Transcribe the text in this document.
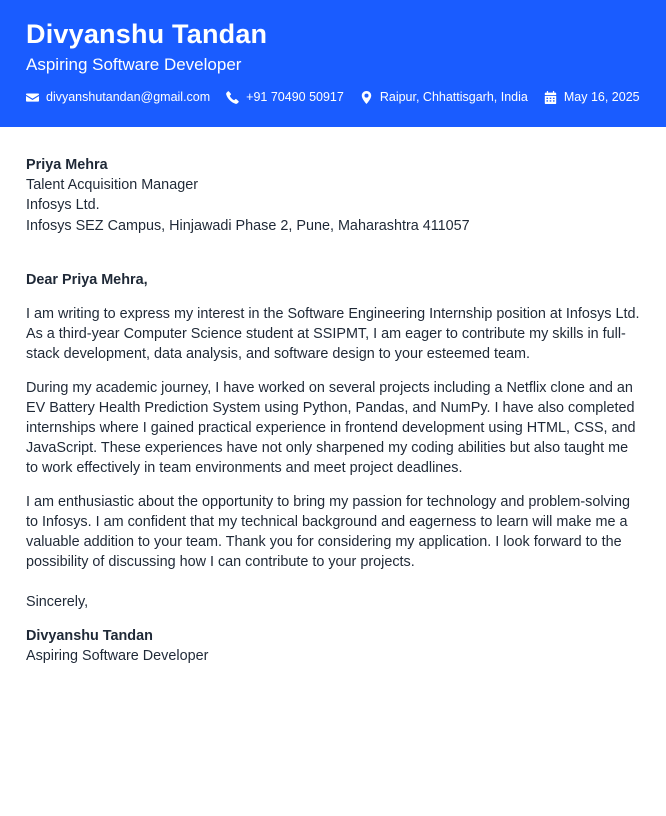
Divyanshu Tandan
Aspiring Software Developer
divyanshutandan@gmail.com	+91 70490 50917	Raipur, Chhattisgarh, India	May 16, 2025
Priya Mehra
Talent Acquisition Manager
Infosys Ltd.
Infosys SEZ Campus, Hinjawadi Phase 2, Pune, Maharashtra 411057
Dear Priya Mehra,
I am writing to express my interest in the Software Engineering Internship position at Infosys Ltd. As a third-year Computer Science student at SSIPMT, I am eager to contribute my skills in full-stack development, data analysis, and software design to your esteemed team.
During my academic journey, I have worked on several projects including a Netflix clone and an EV Battery Health Prediction System using Python, Pandas, and NumPy. I have also completed internships where I gained practical experience in frontend development using HTML, CSS, and JavaScript. These experiences have not only sharpened my coding abilities but also taught me to work effectively in team environments and meet project deadlines.
I am enthusiastic about the opportunity to bring my passion for technology and problem-solving to Infosys. I am confident that my technical background and eagerness to learn will make me a valuable addition to your team. Thank you for considering my application. I look forward to the possibility of discussing how I can contribute to your projects.
Sincerely,
Divyanshu Tandan
Aspiring Software Developer
